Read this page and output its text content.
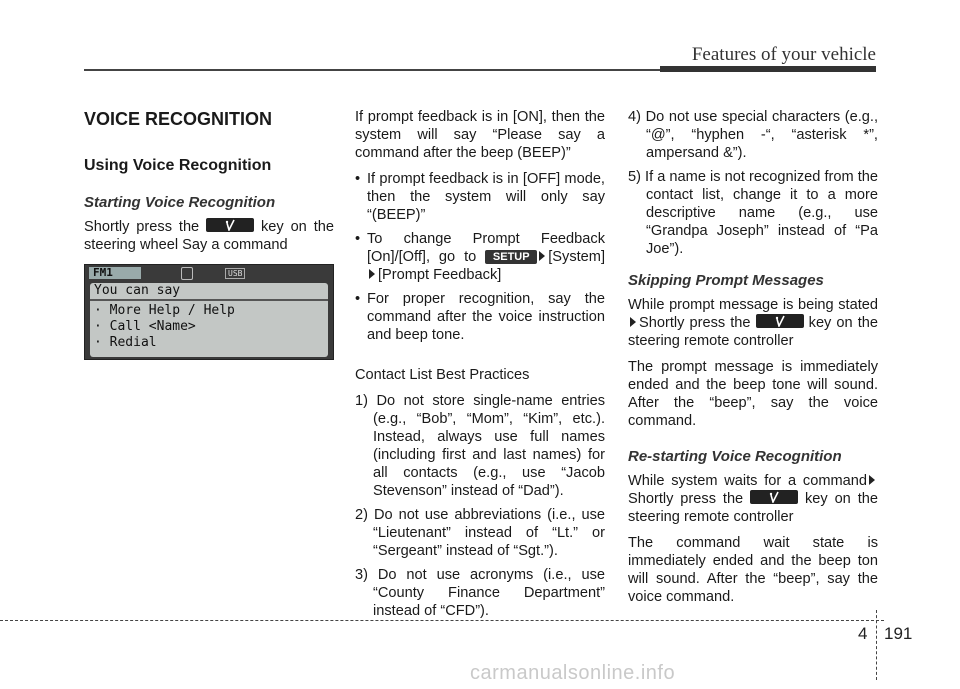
Features of your vehicle
VOICE RECOGNITION
Using Voice Recognition
Starting Voice Recognition

Shortly press the	key on the steering wheel Say a command

FM1	USB
You can say
· More Help / Help
· Call <Name>
· Redial

If prompt feedback is in [ON], then the system will say “Please say a command after the beep (BEEP)”

• If prompt feedback is in [OFF] mode, then the system will only say “(BEEP)”
• To change Prompt Feedback [On]/[Off], go to SETUP [System] [Prompt Feedback]
• For proper recognition, say the command after the voice instruction and beep tone.

Contact List Best Practices

1) Do not store single-name entries (e.g., “Bob”, “Mom”, “Kim”, etc.). Instead, always use full names (including first and last names) for all contacts (e.g., use “Jacob Stevenson” instead of “Dad”).
2) Do not use abbreviations (i.e., use “Lieutenant” instead of “Lt.” or “Sergeant” instead of “Sgt.”).
3) Do not use acronyms (i.e., use “County Finance Department” instead of “CFD”).
4) Do not use special characters (e.g., “@”, “hyphen -“, “asterisk *”, ampersand &”).
5) If a name is not recognized from the contact list, change it to a more descriptive name (e.g., use “Grandpa Joseph” instead of “Pa Joe”).
Skipping Prompt Messages

While prompt message is being statedShortly press the	key on the steering remote controller

The prompt message is immediately ended and the beep tone will sound. After the “beep”, say the voice command.

Re-starting Voice Recognition

While system waits for a command Shortly press the	key on the steering remote controller

The command wait state is immediately ended and the beep ton will sound. After the “beep”, say the voice command.

4 191
carmanualsonline.info
